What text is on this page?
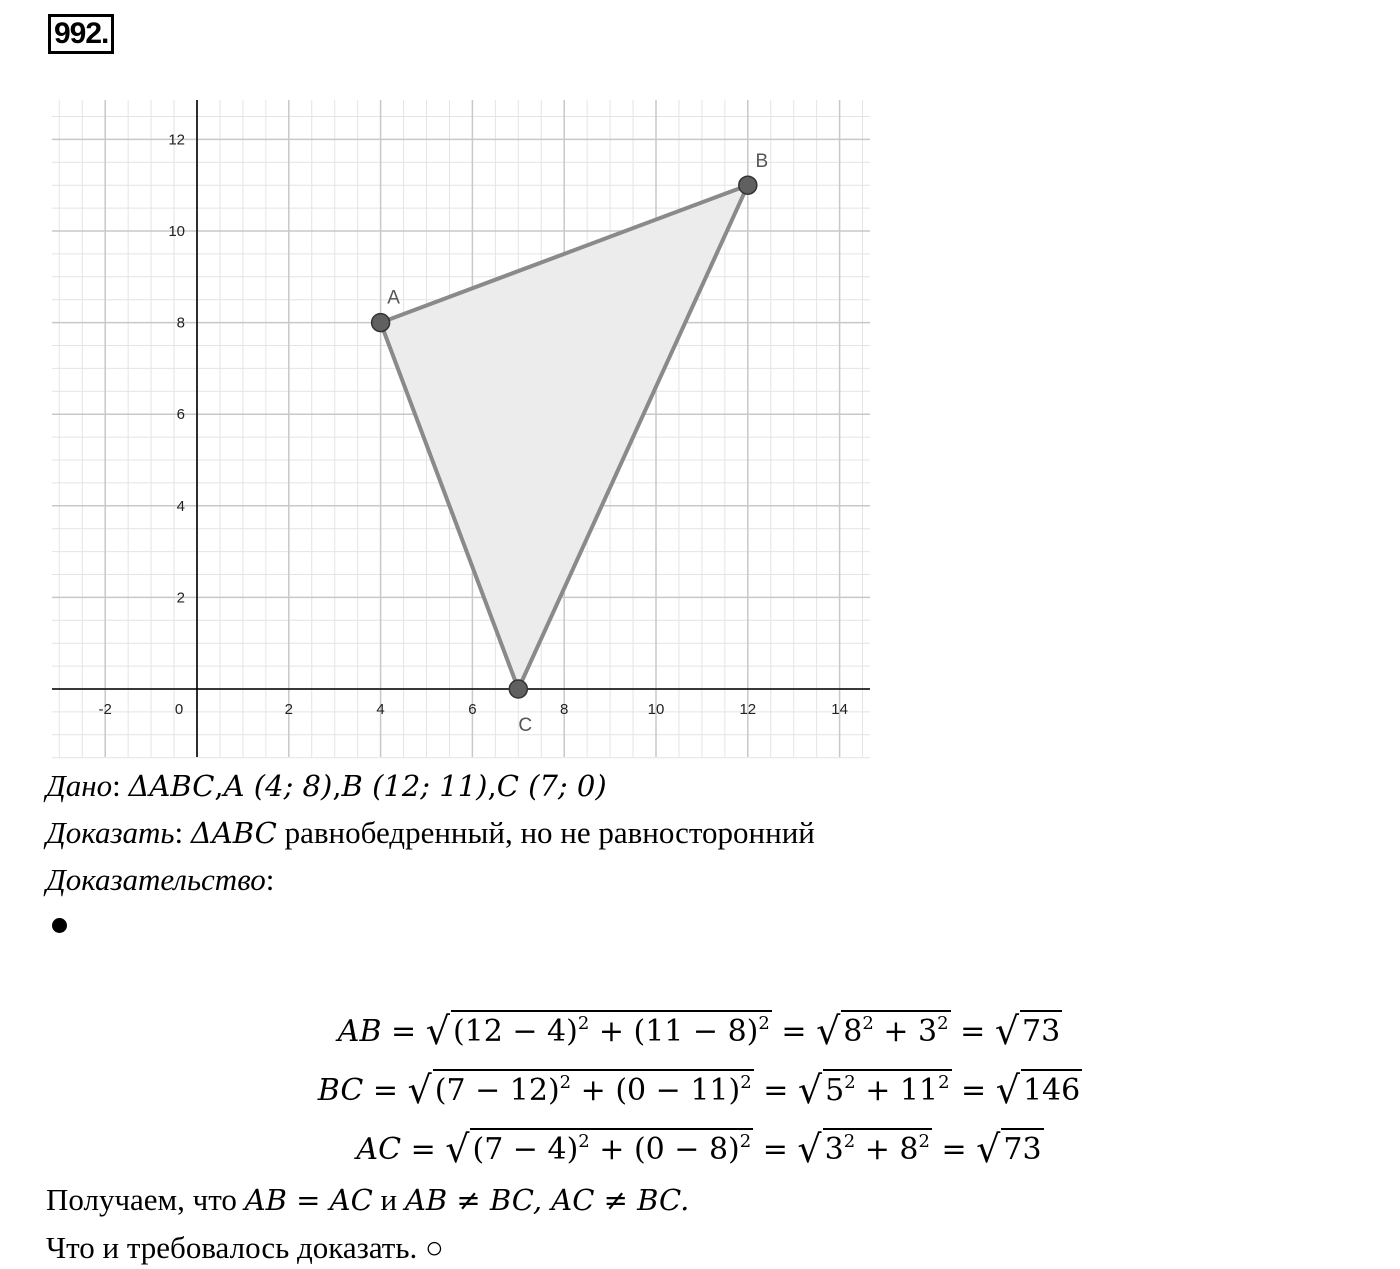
992.
-2	0	2	4	6	8	10	12	14
2
4
6
8
10
12
A
B
C
Дано: ΔABC,A (4; 8),B (12; 11),C (7; 0)
Доказать: ΔABC равнобедренный, но не равносторонний
Доказательство:
AB = √ $(12 - 4)^2 + (11 - 8)^2$ = √ $8^2 + 3^2$ = √ 73
BC = √ $(7 - 12)^2 + (0 - 11)^2$ = √ $5^2 + 11^2$ = √ 146
AC = √ $(7 - 4)^2 + (0 - 8)^2$ = √ $3^2 + 8^2$ = √ 73
Получаем, что AB = AC и AB ≠ BC, AC ≠ BC.
Что и требовалось доказать. ○
